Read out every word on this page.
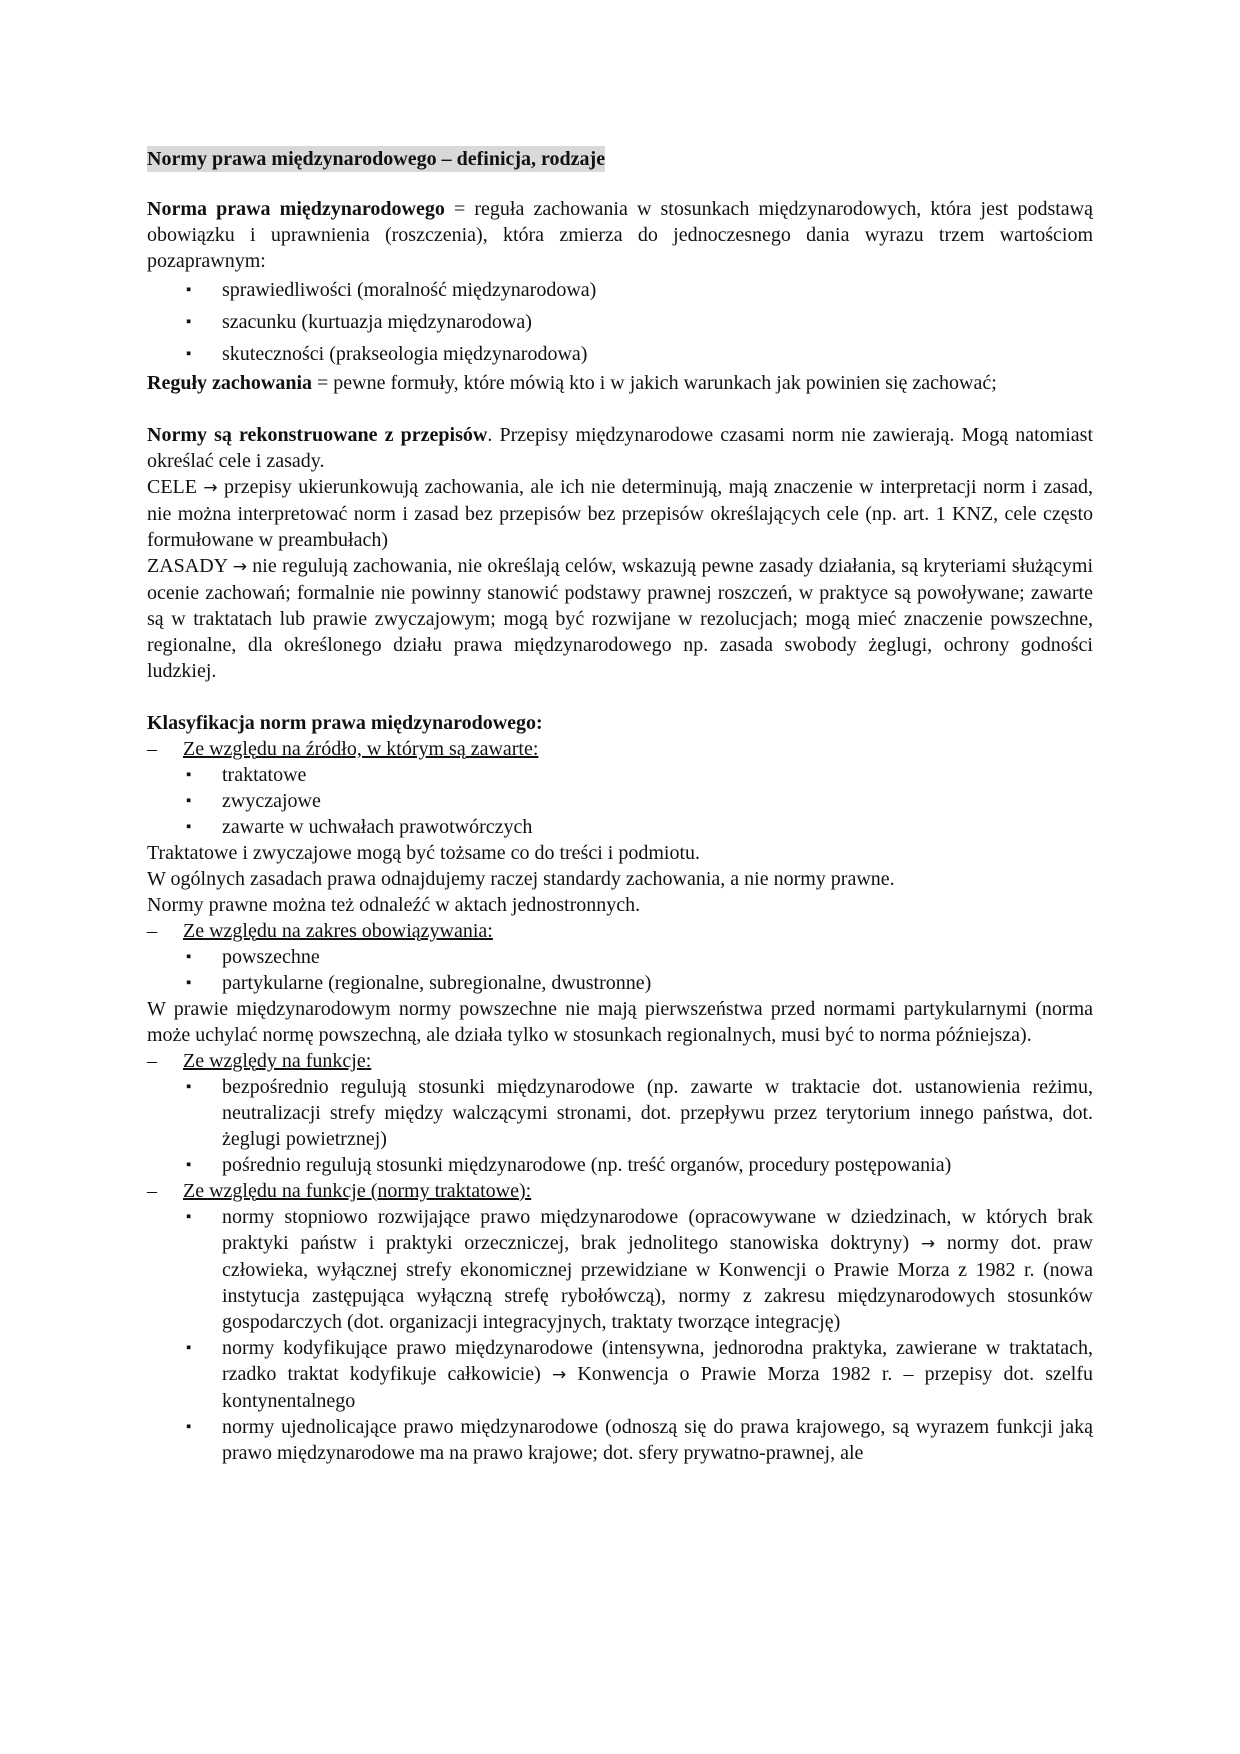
Normy prawa międzynarodowego – definicja, rodzaje

Norma prawa międzynarodowego = reguła zachowania w stosunkach międzynarodowych, która jest podstawą obowiązku i uprawnienia (roszczenia), która zmierza do jednoczesnego dania wyrazu trzem wartościom pozaprawnym:

▪ sprawiedliwości (moralność międzynarodowa)
▪ szacunku (kurtuazja międzynarodowa)
▪ skuteczności (prakseologia międzynarodowa)

Reguły zachowania = pewne formuły, które mówią kto i w jakich warunkach jak powinien się zachować;

Normy są rekonstruowane z przepisów. Przepisy międzynarodowe czasami norm nie zawierają. Mogą natomiast określać cele i zasady.

CELE → przepisy ukierunkowują zachowania, ale ich nie determinują, mają znaczenie w interpretacji norm i zasad, nie można interpretować norm i zasad bez przepisów bez przepisów określających cele (np. art. 1 KNZ, cele często formułowane w preambułach)

ZASADY → nie regulują zachowania, nie określają celów, wskazują pewne zasady działania, są kryteriami służącymi ocenie zachowań; formalnie nie powinny stanowić podstawy prawnej roszczeń, w praktyce są powoływane; zawarte są w traktatach lub prawie zwyczajowym; mogą być rozwijane w rezolucjach; mogą mieć znaczenie powszechne, regionalne, dla określonego działu prawa międzynarodowego np. zasada swobody żeglugi, ochrony godności ludzkiej.

Klasyfikacja norm prawa międzynarodowego:

– Ze względu na źródło, w którym są zawarte:
▪ traktatowe
▪ zwyczajowe
▪ zawarte w uchwałach prawotwórczych

Traktatowe i zwyczajowe mogą być tożsame co do treści i podmiotu.

W ogólnych zasadach prawa odnajdujemy raczej standardy zachowania, a nie normy prawne.

Normy prawne można też odnaleźć w aktach jednostronnych.

– Ze względu na zakres obowiązywania:
▪ powszechne
▪ partykularne (regionalne, subregionalne, dwustronne)

W prawie międzynarodowym normy powszechne nie mają pierwszeństwa przed normami partykularnymi (norma może uchylać normę powszechną, ale działa tylko w stosunkach regionalnych, musi być to norma późniejsza).

– Ze względy na funkcje:
▪ bezpośrednio regulują stosunki międzynarodowe (np. zawarte w traktacie dot. ustanowienia reżimu, neutralizacji strefy między walczącymi stronami, dot. przepływu przez terytorium innego państwa, dot. żeglugi powietrznej)
▪ pośrednio regulują stosunki międzynarodowe (np. treść organów, procedury postępowania)
– Ze względu na funkcje (normy traktatowe):
▪ normy stopniowo rozwijające prawo międzynarodowe (opracowywane w dziedzinach, w których brak praktyki państw i praktyki orzeczniczej, brak jednolitego stanowiska doktryny) → normy dot. praw człowieka, wyłącznej strefy ekonomicznej przewidziane w Konwencji o Prawie Morza z 1982 r. (nowa instytucja zastępująca wyłączną strefę rybołówczą), normy z zakresu międzynarodowych stosunków gospodarczych (dot. organizacji integracyjnych, traktaty tworzące integrację)
▪ normy kodyfikujące prawo międzynarodowe (intensywna, jednorodna praktyka, zawierane w traktatach, rzadko traktat kodyfikuje całkowicie) → Konwencja o Prawie Morza 1982 r. – przepisy dot. szelfu kontynentalnego
▪ normy ujednolicające prawo międzynarodowe (odnoszą się do prawa krajowego, są wyrazem funkcji jaką prawo międzynarodowe ma na prawo krajowe; dot. sfery prywatno-prawnej, ale
